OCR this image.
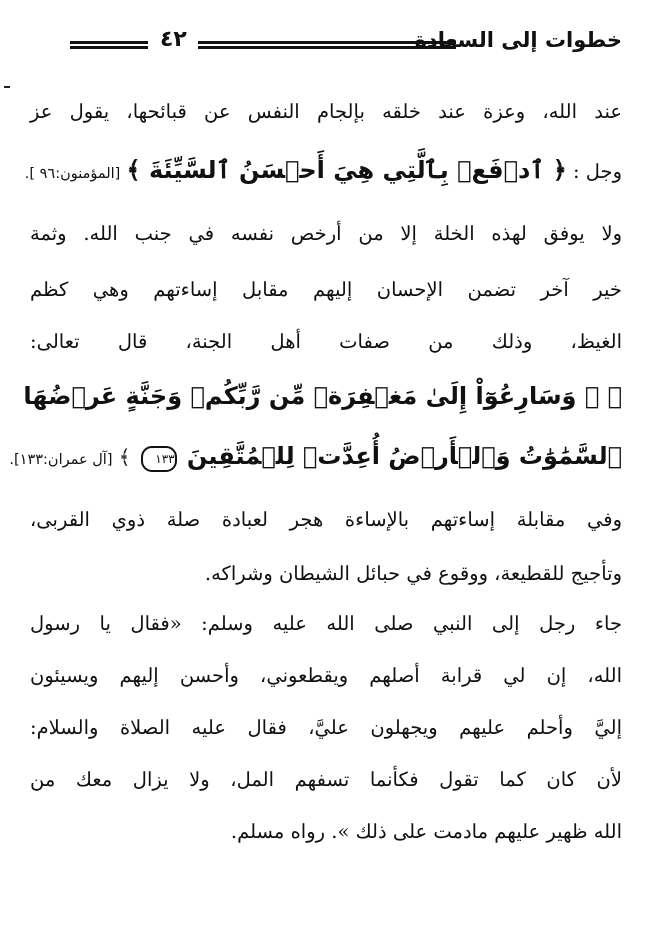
خطوات إلى السعادة
٤٢
عند الله، وعزة عند خلقه بإلجام النفس عن قبائحها، يقول عز
وجل : ﴿ ٱدۡفَعۡ بِٱلَّتِي هِيَ أَحۡسَنُ ٱلسَّيِّئَةَ ﴾ [المؤمنون:٩٦ ].
ولا يوفق لهذه الخلة إلا من أرخص نفسه في جنب الله. وثمة
خير آخر تضمن الإحسان إليهم مقابل إساءتهم وهي كظم
الغيظ، وذلك من صفات أهل الجنة، قال تعالى:
﴿ ۞ وَسَارِعُوٓاْ إِلَىٰ مَغۡفِرَةٖ مِّن رَّبِّكُمۡ وَجَنَّةٍ عَرۡضُهَا
ٱلسَّمَٰوَٰتُ وَٱلۡأَرۡضُ أُعِدَّتۡ لِلۡمُتَّقِينَ ١٣٣ ﴾ [آل عمران:١٣٣].
وفي مقابلة إساءتهم بالإساءة هجر لعبادة صلة ذوي القربى،
وتأجيج للقطيعة، ووقوع في حبائل الشيطان وشراكه.
جاء رجل إلى النبي صلى الله عليه وسلم: «فقال يا رسول
الله، إن لي قرابة أصلهم ويقطعوني، وأحسن إليهم ويسيئون
إليَّ وأحلم عليهم ويجهلون عليَّ، فقال عليه الصلاة والسلام:
لأن كان كما تقول فكأنما تسفهم المل، ولا يزال معك من
الله ظهير عليهم مادمت على ذلك ». رواه مسلم.
